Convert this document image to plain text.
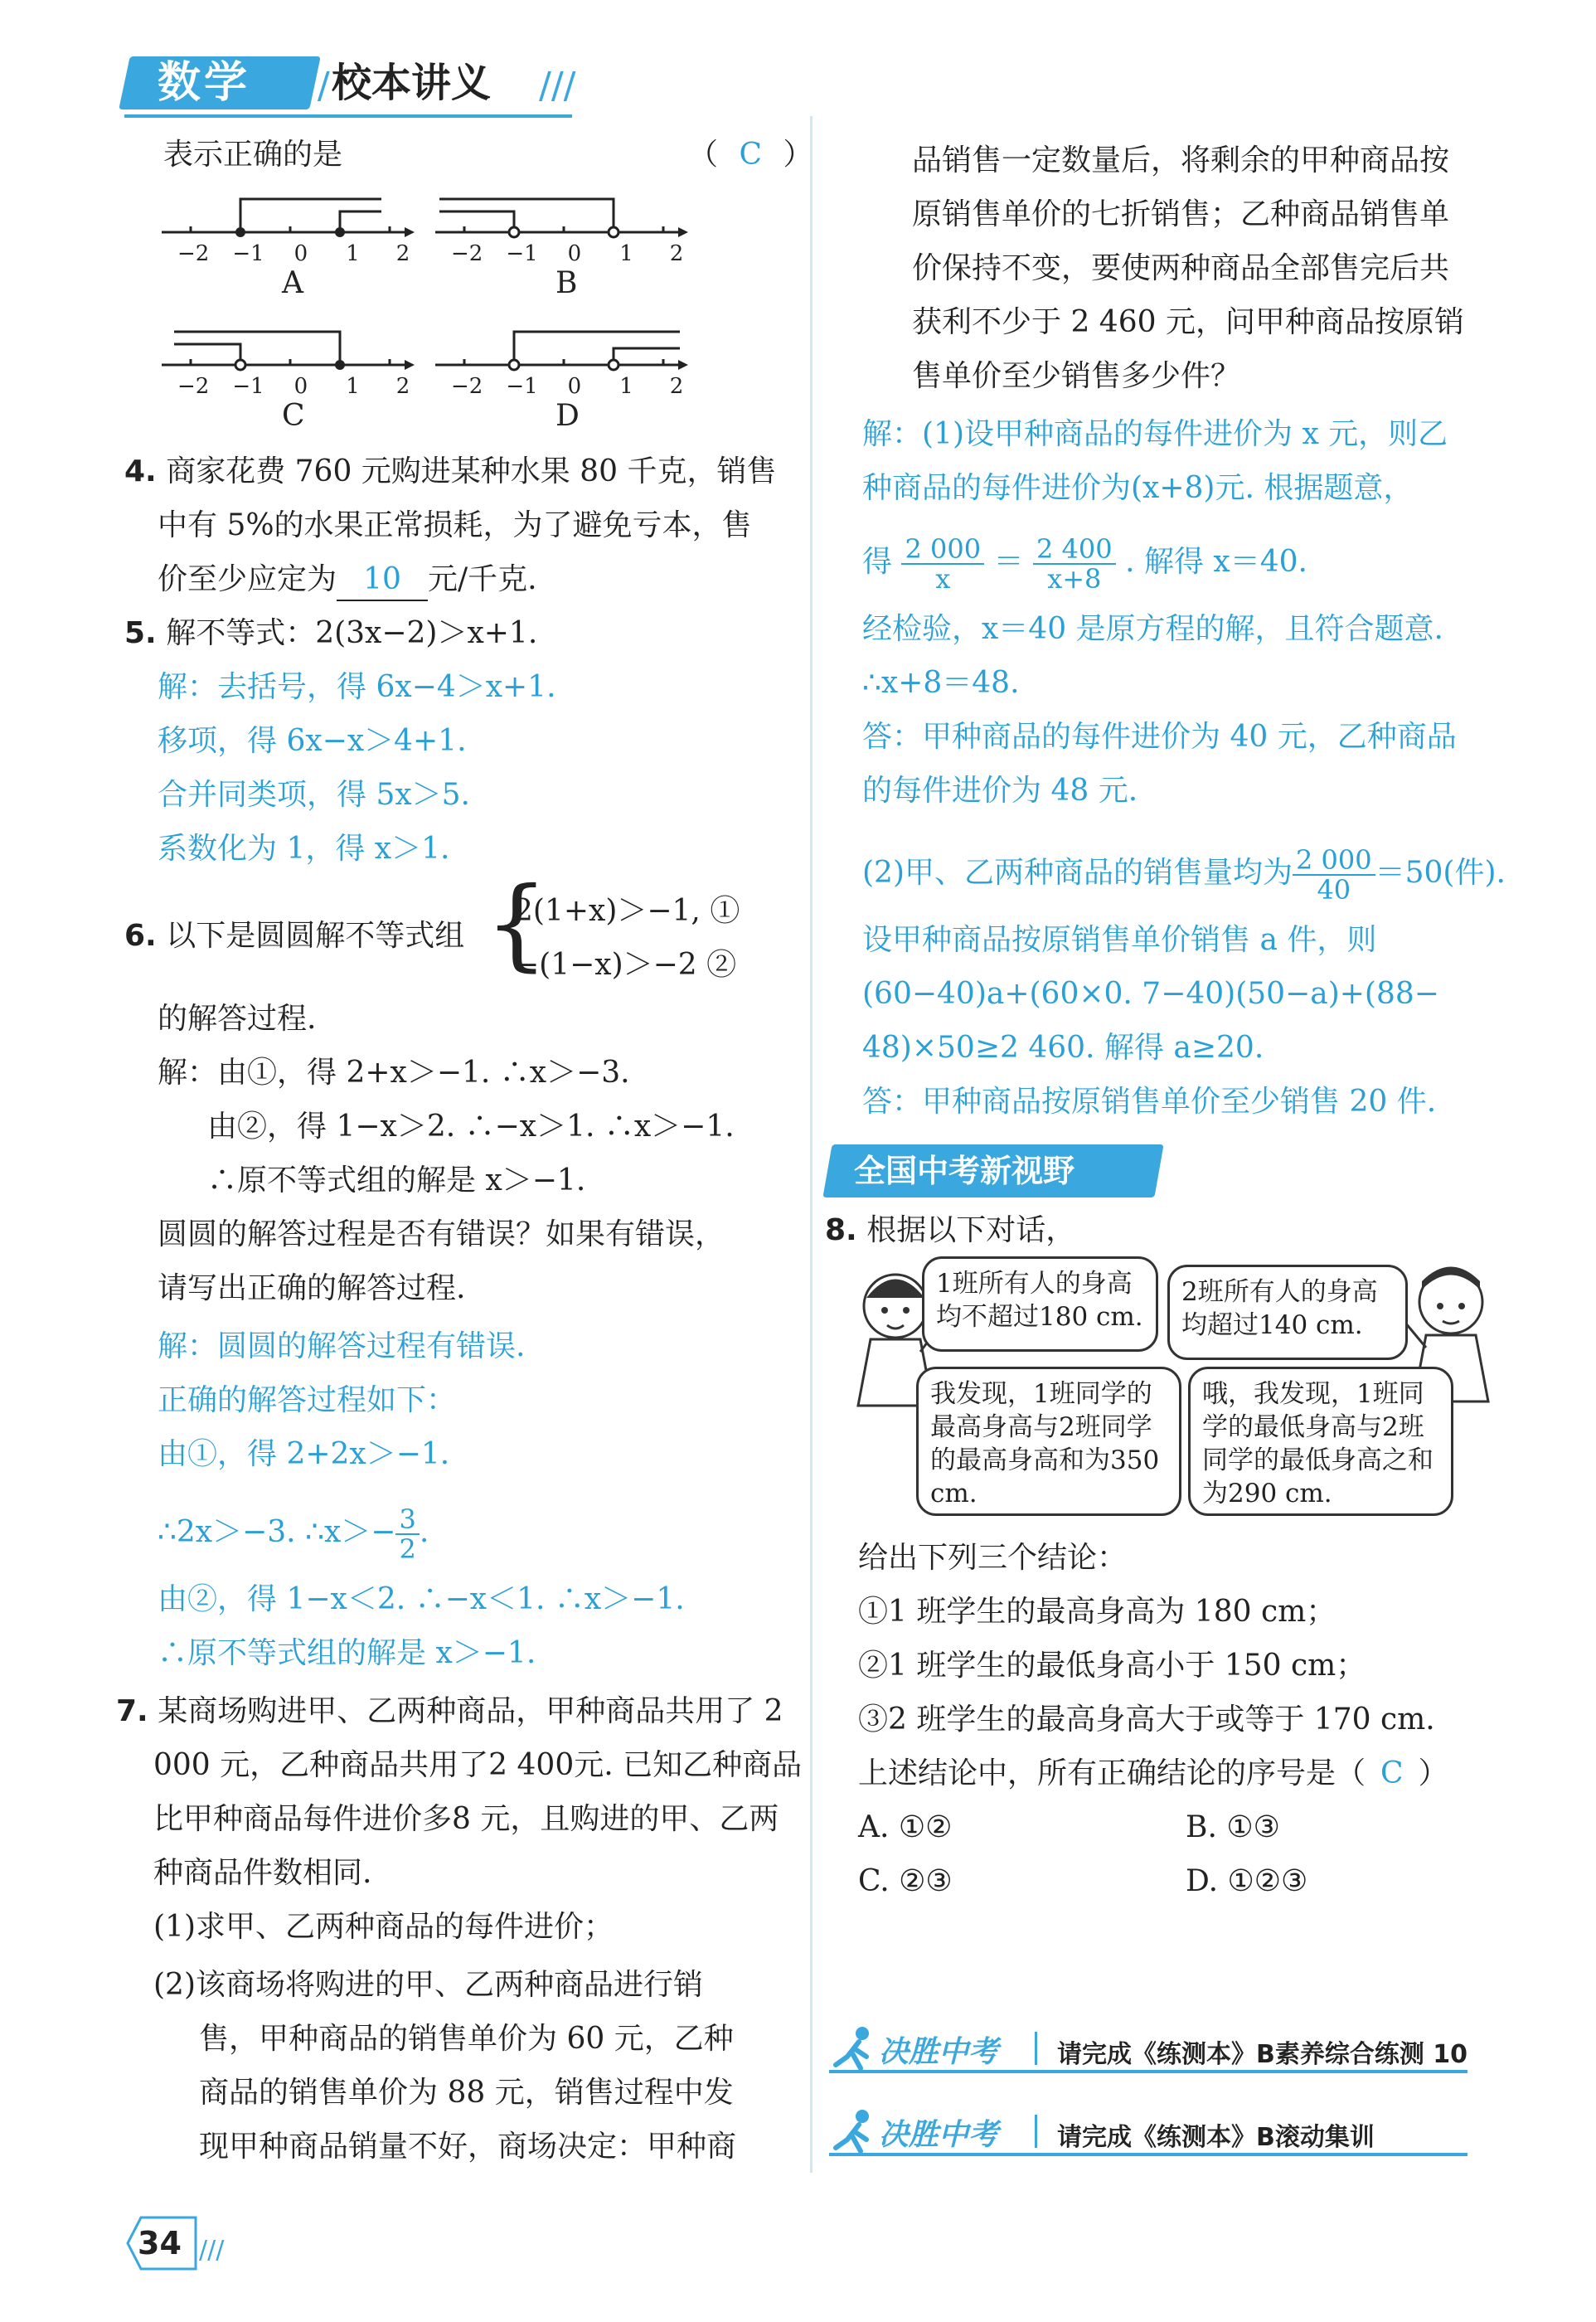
数学 // 校本讲义 ///
表示正确的是	（ C ）
−2 −1 0 1 2
A
−2 −1 0 1 2
B
−2 −1 0 1 2
C
−2 −1 0 1 2
D
4. 商家花费 760 元购进某种水果 80 千克，销售
中有 5%的水果正常损耗，为了避免亏本，售
价至少应定为 10 元/千克.
5. 解不等式：2(3x−2)＞x+1.
解：去括号，得 6x−4＞x+1.
移项，得 6x−x＞4+1.
合并同类项，得 5x＞5.
系数化为 1，得 x＞1.
6. 以下是圆圆解不等式组 {
2(1+x)＞−1, ①
−(1−x)＞−2 ②
的解答过程.
解：由①，得 2+x＞−1. ∴x＞−3.
由②，得 1−x＞2. ∴−x＞1. ∴x＞−1.
∴原不等式组的解是 x＞−1.
圆圆的解答过程是否有错误？如果有错误，
请写出正确的解答过程.
解：圆圆的解答过程有错误.
正确的解答过程如下：
由①，得 2+2x＞−1.
∴2x＞−3. ∴x＞− $\frac{3}{2}$ .
由②，得 1−x＜2. ∴−x＜1. ∴x＞−1.
∴原不等式组的解是 x＞−1.
7. 某商场购进甲、乙两种商品，甲种商品共用了 2
000 元，乙种商品共用了2 400元. 已知乙种商品
比甲种商品每件进价多8 元，且购进的甲、乙两
种商品件数相同.
(1)求甲、乙两种商品的每件进价；
(2)该商场将购进的甲、乙两种商品进行销
售，甲种商品的销售单价为 60 元，乙种
商品的销售单价为 88 元，销售过程中发
现甲种商品销量不好，商场决定：甲种商
34 ///
品销售一定数量后，将剩余的甲种商品按
原销售单价的七折销售；乙种商品销售单
价保持不变，要使两种商品全部售完后共
获利不少于 2 460 元，问甲种商品按原销
售单价至少销售多少件？
解：(1)设甲种商品的每件进价为 x 元，则乙
种商品的每件进价为(x+8)元. 根据题意，
得 $\frac{2 000}{x} = \frac{2 400}{x+8}$ . 解得 x＝40.
经检验，x＝40 是原方程的解，且符合题意.
∴x+8＝48.
答：甲种商品的每件进价为 40 元，乙种商品
的每件进价为 48 元.
(2)甲、乙两种商品的销售量均为 $\frac{2 000}{40} =50$(件).
设甲种商品按原销售单价销售 a 件，则
(60−40)a+(60×0. 7−40)(50−a)+(88−
48)×50≥2 460. 解得 a≥20.
答：甲种商品按原销售单价至少销售 20 件.
全国中考新视野
8. 根据以下对话，
1班所有人的身高均不超过180 cm.
2班所有人的身高均超过140 cm.
我发现，1班同学的最高身高与2班同学的最高身高和为350 cm.
哦，我发现，1班同学的最低身高与2班同学的最低身高之和为290 cm.
给出下列三个结论：
①1 班学生的最高身高为 180 cm；
②1 班学生的最低身高小于 150 cm；
③2 班学生的最高身高大于或等于 170 cm.
上述结论中，所有正确结论的序号是（ C ）
A. ①②	B. ①③
C. ②③	D. ①②③
决胜中考 请完成《练测本》B素养综合练测 10
决胜中考 请完成《练测本》B滚动集训
